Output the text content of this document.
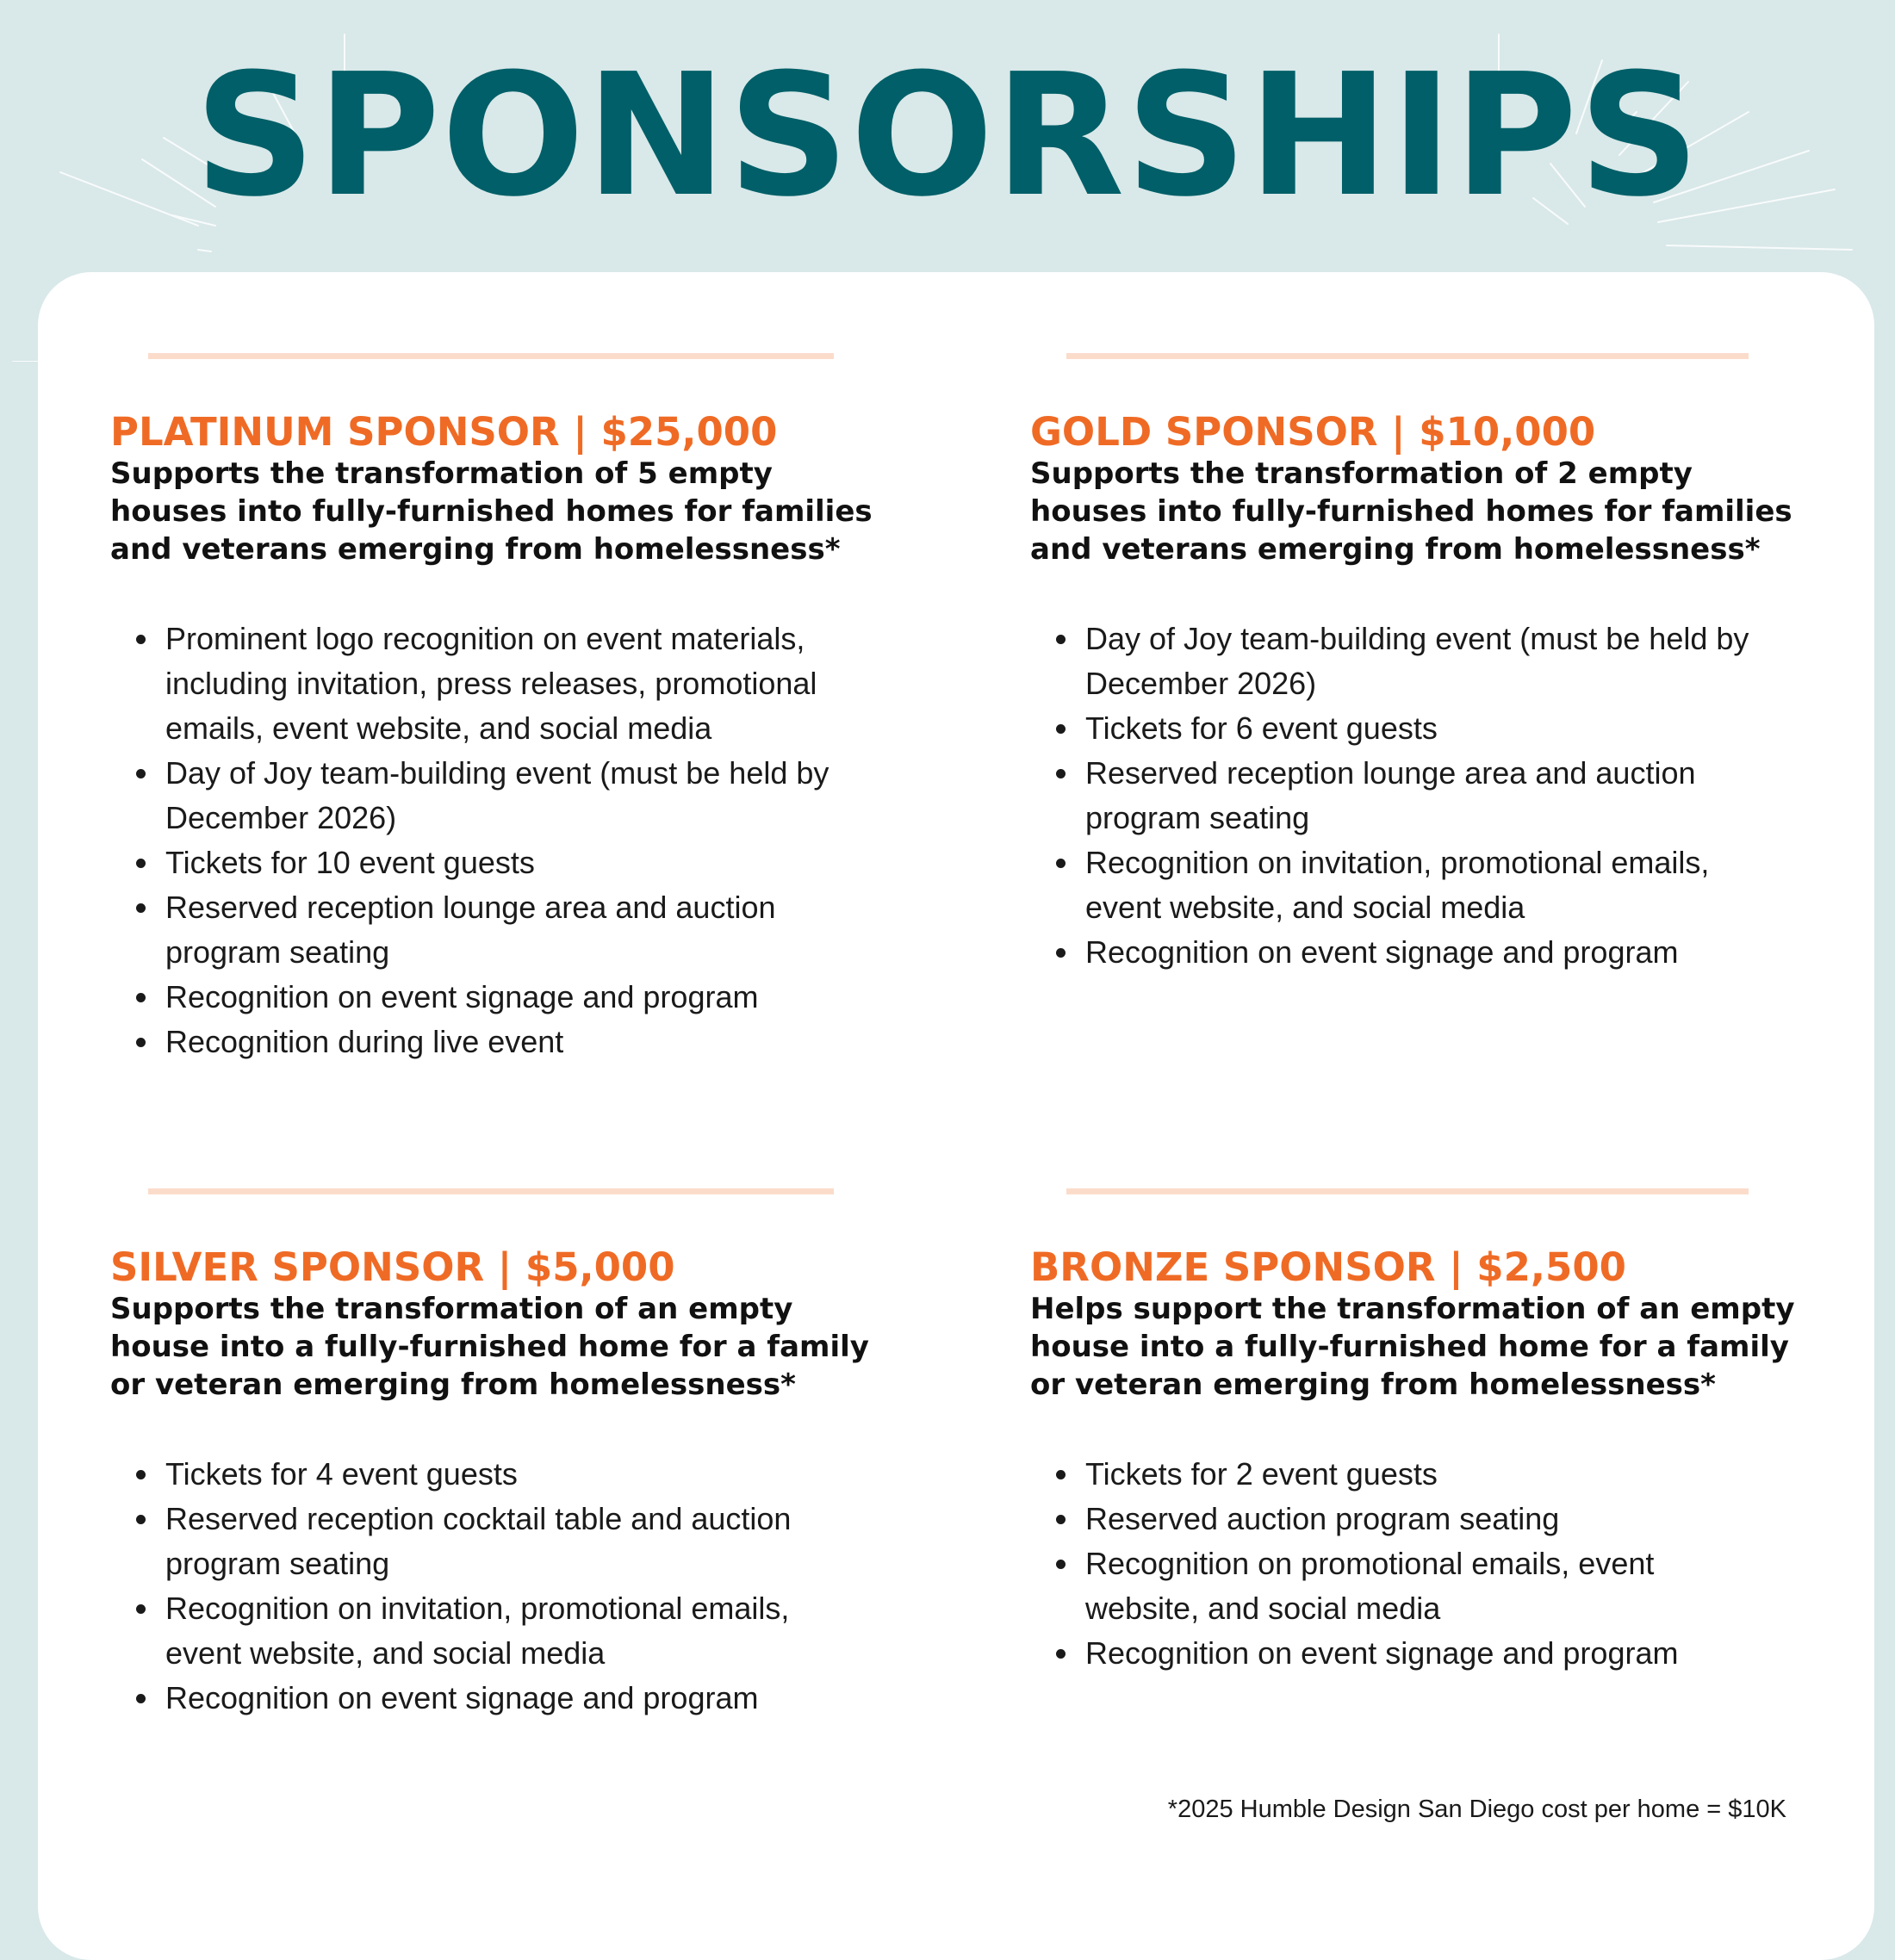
SPONSORSHIPS
PLATINUM SPONSOR | $25,000

Supports the transformation of 5 empty houses into fully-furnished homes for families and veterans emerging from homelessness*

Prominent logo recognition on event materials, including invitation, press releases, promotional emails, event website, and social media
Day of Joy team-building event (must be held by December 2026)
Tickets for 10 event guests
Reserved reception lounge area and auction program seating
Recognition on event signage and program
Recognition during live event
GOLD SPONSOR | $10,000

Supports the transformation of 2 empty houses into fully-furnished homes for families and veterans emerging from homelessness*

Day of Joy team-building event (must be held by December 2026)
Tickets for 6 event guests
Reserved reception lounge area and auction program seating
Recognition on invitation, promotional emails, event website, and social media
Recognition on event signage and program
SILVER SPONSOR | $5,000

Supports the transformation of an empty house into a fully-furnished home for a family or veteran emerging from homelessness*

Tickets for 4 event guests
Reserved reception cocktail table and auction program seating
Recognition on invitation, promotional emails, event website, and social media
Recognition on event signage and program
BRONZE SPONSOR | $2,500

Helps support the transformation of an empty house into a fully-furnished home for a family or veteran emerging from homelessness*

Tickets for 2 event guests
Reserved auction program seating
Recognition on promotional emails, event website, and social media
Recognition on event signage and program
*2025 Humble Design San Diego cost per home = $10K
